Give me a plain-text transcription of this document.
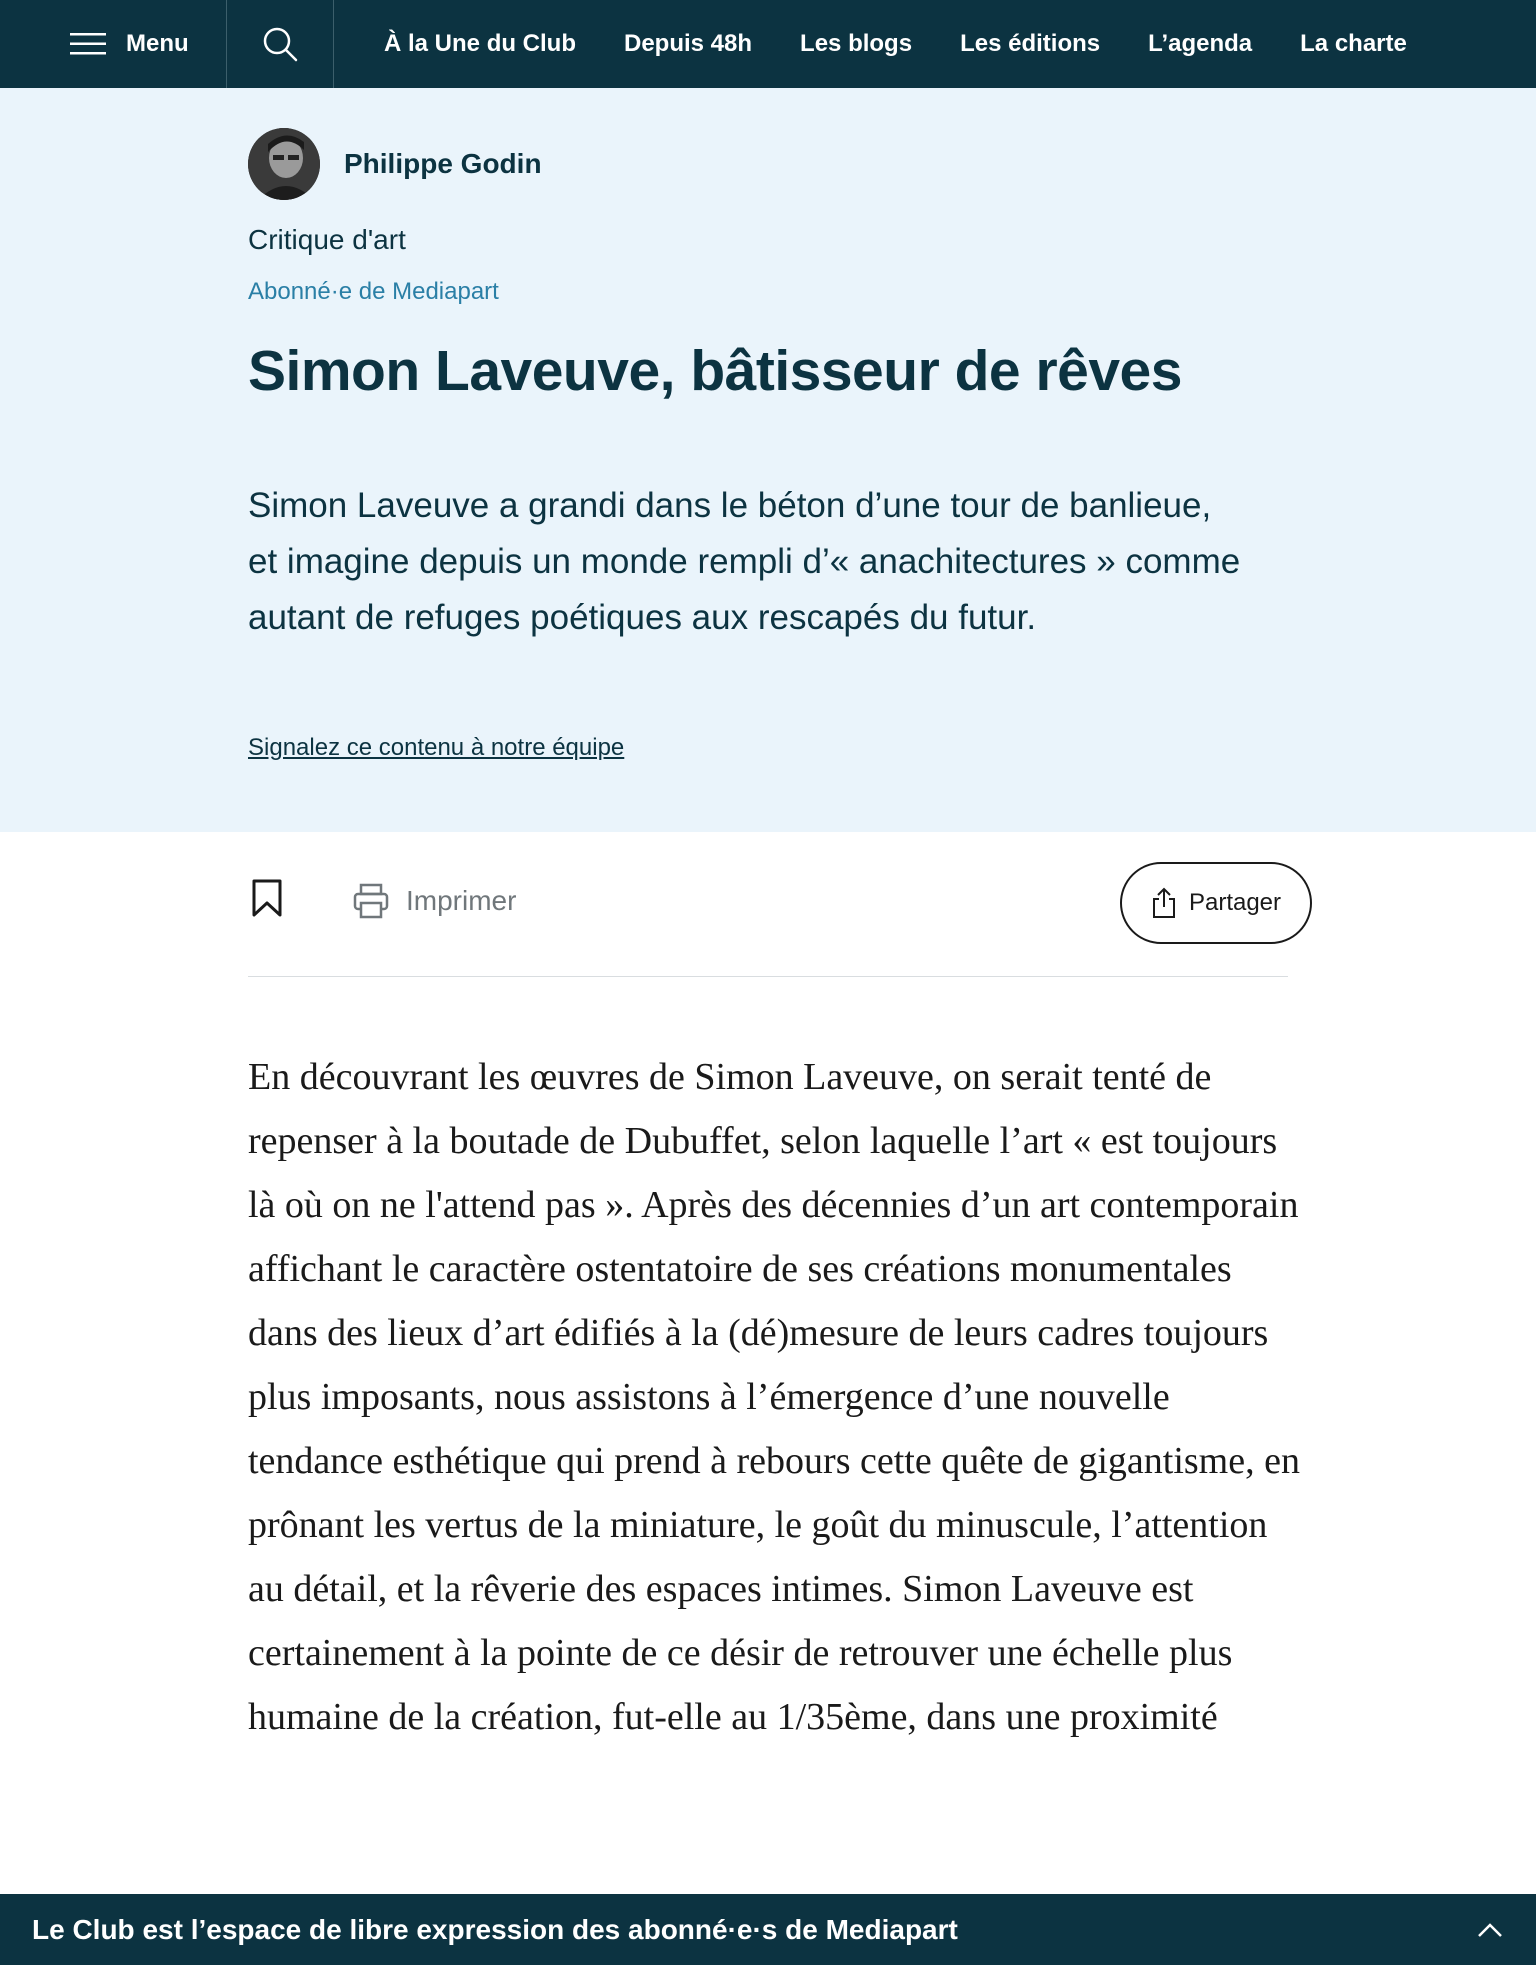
Menu	À la Une du Club Depuis 48h Les blogs Les éditions L’agenda La charte
Philippe Godin
Critique d'art
Abonné·e de Mediapart
Simon Laveuve, bâtisseur de rêves

Simon Laveuve a grandi dans le béton d’une tour de banlieue, et imagine depuis un monde rempli d’« anachitectures » comme autant de refuges poétiques aux rescapés du futur.

Signalez ce contenu à notre équipe
Imprimer	Partager

En découvrant les œuvres de Simon Laveuve, on serait tenté de repenser à la boutade de Dubuffet, selon laquelle l’art « est toujours là où on ne l'attend pas ». Après des décennies d’un art contemporain affichant le caractère ostentatoire de ses créations monumentales dans des lieux d’art édifiés à la (dé)mesure de leurs cadres toujours plus imposants, nous assistons à l’émergence d’une nouvelle tendance esthétique qui prend à rebours cette quête de gigantisme, en prônant les vertus de la miniature, le goût du minuscule, l’attention au détail, et la rêverie des espaces intimes. Simon Laveuve est certainement à la pointe de ce désir de retrouver une échelle plus humaine de la création, fut-elle au 1/35ème, dans une proximité

Le Club est l’espace de libre expression des abonné·e·s de Mediapart
